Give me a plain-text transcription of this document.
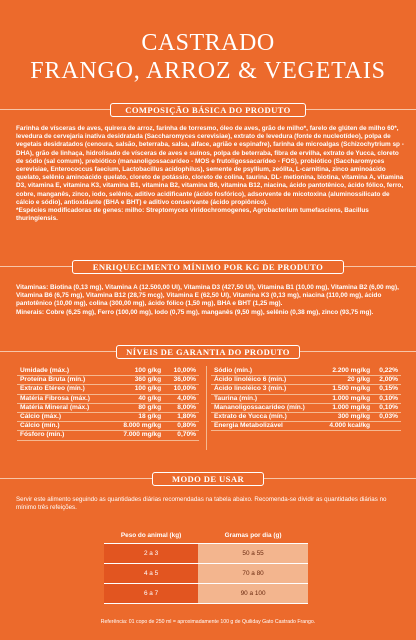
CASTRADO
FRANGO, ARROZ & VEGETAIS
COMPOSIÇÃO BÁSICA DO PRODUTO
Farinha de vísceras de aves, quirera de arroz, farinha de torresmo, óleo de aves, grão de milho*, farelo de glúten de milho 60*, levedura de cervejaria inativa desidratada (Saccharomyces cerevisiae), extrato de levedura (fonte de nucleotídeo), polpa de vegetais desidratados (cenoura, salsão, beterraba, salsa, alface, agrião e espinafre), farinha de microalgas (Schizochytrium sp - DHA), grão de linhaça, hidrolisado de vísceras de aves e suínos, polpa de beterraba, fibra de ervilha, extrato de Yucca, cloreto de sódio (sal comum), prebiótico (mananoligossacarídeo - MOS e frutoligossacarídeo - FOS), probiótico (Saccharomyces cerevisiae, Enterococcus faecium, Lactobacillus acidophilus), semente de psyllium, zeólita, L-carnitina, zinco aminoácido quelato, selênio aminoácido quelato, cloreto de potássio, cloreto de colina, taurina, DL- metionina, biotina, vitamina A, vitamina D3, vitamina E, vitamina K3, vitamina B1, vitamina B2, vitamina B6, vitamina B12, niacina, ácido pantotênico, ácido fólico, ferro, cobre, manganês, zinco, iodo, selênio, aditivo acidificante (ácido fosfórico), adsorvente de micotoxina (aluminossilicato de cálcio e sódio), antioxidante (BHA e BHT) e aditivo conservante (ácido propiônico).
*Espécies modificadoras de genes: milho: Streptomyces viridochromogenes, Agrobacterium tumefasciens, Bacillus thuringiensis.
ENRIQUECIMENTO MÍNIMO POR KG DE PRODUTO
Vitaminas: Biotina (0,13 mg), Vitamina A (12.500,00 UI), Vitamina D3 (427,50 UI), Vitamina B1 (10,00 mg), Vitamina B2 (6,00 mg), Vitamina B6 (6,75 mg), Vitamina B12 (28,75 mcg), Vitamina E (62,50 UI), Vitamina K3 (0,13 mg), niacina (110,00 mg), ácido pantotênico (10,00 mg), colina (300,00 mg), ácido fólico (1,50 mg), BHA e BHT (1,25 mg).
Minerais: Cobre (6,25 mg), Ferro (100,00 mg), Iodo (0,75 mg), manganês (9,50 mg), selênio (0,38 mg), zinco (93,75 mg).
NÍVEIS DE GARANTIA DO PRODUTO
Umidade (máx.)	100 g/kg	10,00%
Proteína Bruta (mín.)	360 g/kg	36,00%
Extrato Etéreo (mín.)	100 g/kg	10,00%
Matéria Fibrosa (máx.)	40 g/kg	4,00%
Matéria Mineral (máx.)	80 g/kg	8,00%
Cálcio (máx.)	18 g/kg	1,80%
Cálcio (mín.)	8.000 mg/kg	0,80%
Fósforo (mín.)	7.000 mg/kg	0,70%
Sódio (mín.)	2.200 mg/kg	0,22%
Ácido linoléico 6 (mín.)	20 g/kg	2,00%
Ácido linoléico 3 (mín.)	1.500 mg/kg	0,15%
Taurina (mín.)	1.000 mg/kg	0,10%
Mananoligossacarídeo (mín.)	1.000 mg/kg	0,10%
Extrato de Yucca (mín.)	300 mg/kg	0,03%
Energia Metabolizável	4.000 kcal/kg	
MODO DE USAR
Servir este alimento seguindo as quantidades diárias recomendadas na tabela abaixo. Recomenda-se dividir as quantidades diárias no mínimo três refeições.
Peso do animal (kg)	Gramas por dia (g)
2 a 3	50 a 55
4 a 5	70 a 80
6 a 7	90 a 100
Referência: 01 copo de 250 ml = aproximadamente 100 g de Quiliday Gato Castrado Frango.
